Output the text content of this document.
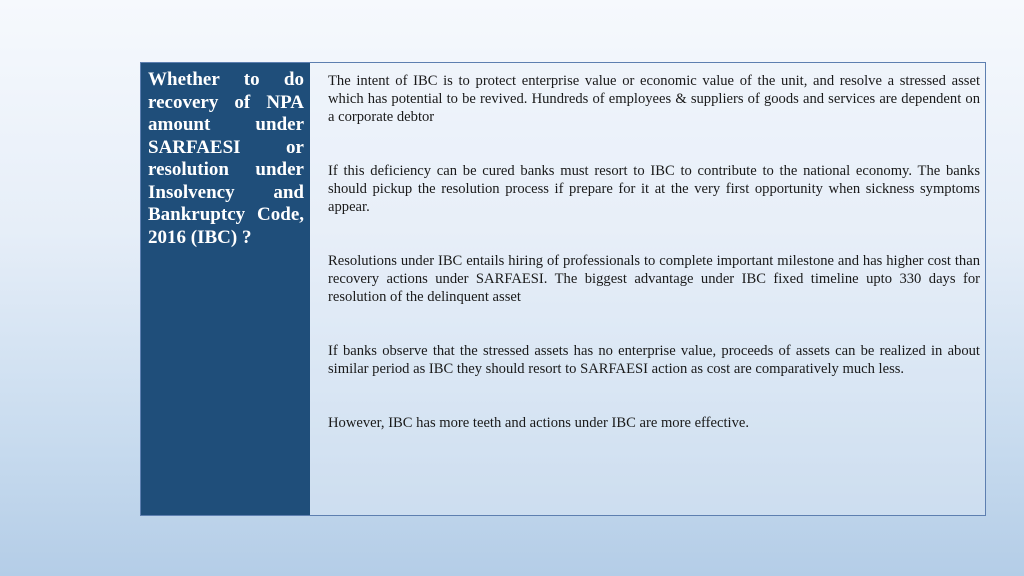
Whether to do recovery of NPA amount under SARFAESI or resolution under Insolvency and Bankruptcy Code, 2016 (IBC) ?

The intent of IBC is to protect enterprise value or economic value of the unit, and resolve a stressed asset which has potential to be revived. Hundreds of employees & suppliers of goods and services are dependent on a corporate debtor

If this deficiency can be cured banks must resort to IBC to contribute to the national economy. The banks should pickup the resolution process if prepare for it at the very first opportunity when sickness symptoms appear.

Resolutions under IBC entails hiring of professionals to complete important milestone and has higher cost than recovery actions under SARFAESI. The biggest advantage under IBC fixed timeline upto 330 days for resolution of the delinquent asset

If banks observe that the stressed assets has no enterprise value, proceeds of assets can be realized in about similar period as IBC they should resort to SARFAESI action as cost are comparatively much less.

However, IBC has more teeth and actions under IBC are more effective.
